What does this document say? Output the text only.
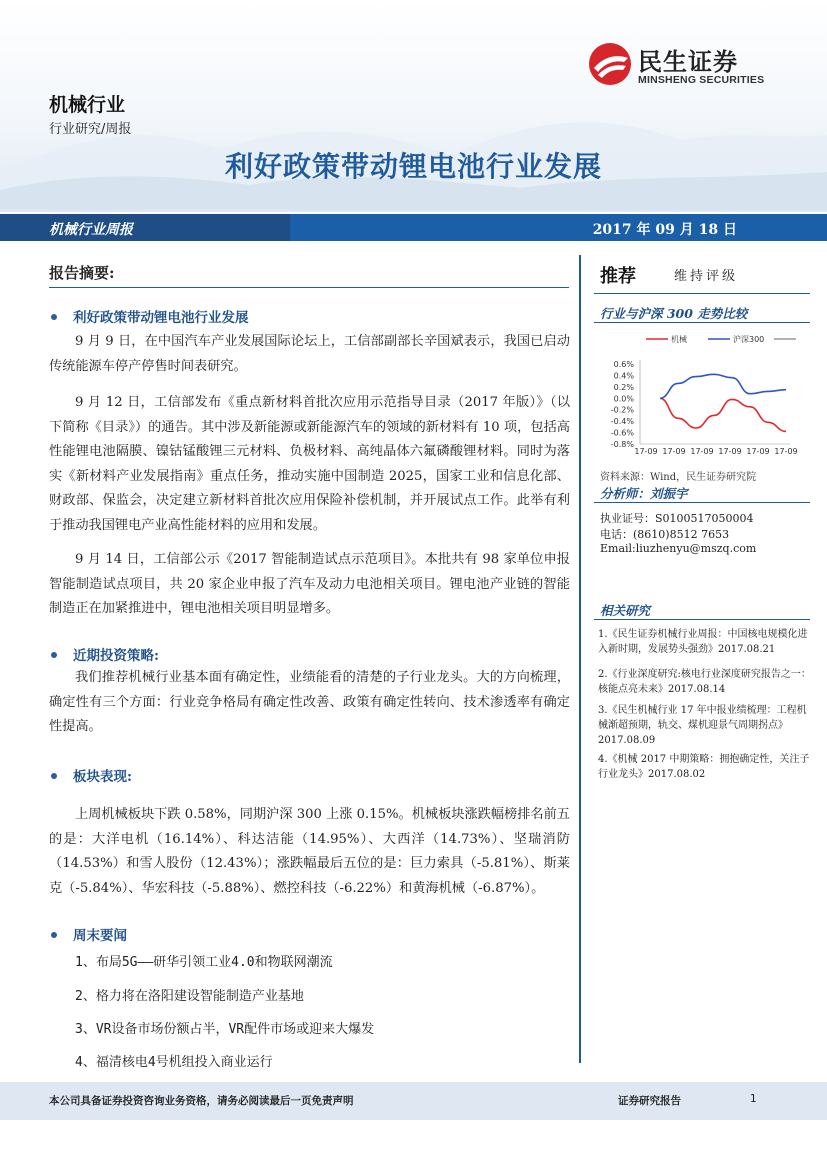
民生证券
MINSHENG SECURITIES
机械行业
行业研究/周报
利好政策带动锂电池行业发展
机械行业周报	2017 年 09 月 18 日
报告摘要:
利好政策带动锂电池行业发展
9 月 9 日，在中国汽车产业发展国际论坛上，工信部副部长辛国斌表示，我国已启动传统能源车停产停售时间表研究。
9 月 12 日，工信部发布《重点新材料首批次应用示范指导目录（2017 年版）》（以下简称《目录》）的通告。其中涉及新能源或新能源汽车的领域的新材料有 10 项，包括高性能锂电池隔膜、镍钴锰酸锂三元材料、负极材料、高纯晶体六氟磷酸锂材料。同时为落实《新材料产业发展指南》重点任务，推动实施中国制造 2025，国家工业和信息化部、财政部、保监会，决定建立新材料首批次应用保险补偿机制，并开展试点工作。此举有利于推动我国锂电产业高性能材料的应用和发展。
9 月 14 日，工信部公示《2017 智能制造试点示范项目》。本批共有 98 家单位申报智能制造试点项目，共 20 家企业申报了汽车及动力电池相关项目。锂电池产业链的智能制造正在加紧推进中，锂电池相关项目明显增多。
近期投资策略:
我们推荐机械行业基本面有确定性，业绩能看的清楚的子行业龙头。大的方向梳理，确定性有三个方面：行业竞争格局有确定性改善、政策有确定性转向、技术渗透率有确定性提高。
板块表现:
上周机械板块下跌 0.58%，同期沪深 300 上涨 0.15%。机械板块涨跌幅榜排名前五的是：大洋电机（16.14%）、科达洁能（14.95%）、大西洋（14.73%）、坚瑞消防（14.53%）和雪人股份（12.43%）；涨跌幅最后五位的是：巨力索具（-5.81%）、斯莱克（-5.84%）、华宏科技（-5.88%）、燃控科技（-6.22%）和黄海机械（-6.87%）。
周末要闻
1、布局5G——研华引领工业4.0和物联网潮流
2、格力将在洛阳建设智能制造产业基地
3、VR设备市场份额占半，VR配件市场或迎来大爆发
4、福清核电4号机组投入商业运行
推荐	维持评级
行业与沪深 300 走势比较
机械	沪深300
0.6%
0.4%
0.2%
0.0%
-0.2%
-0.4%
-0.6%
-0.8%
17-09 17-09 17-09 17-09 17-09 17-09
资料来源：Wind，民生证券研究院
分析师：刘振宇
执业证号：S0100517050004
电话：(8610)8512 7653
Email:liuzhenyu@mszq.com
相关研究
1.《民生证券机械行业周报：中国核电规模化进入新时期，发展势头强劲》2017.08.21
2.《行业深度研究:核电行业深度研究报告之一：核能点亮未来》2017.08.14
3.《民生机械行业 17 年中报业绩梳理：工程机械渐超预期，轨交、煤机迎景气周期拐点》2017.08.09
4.《机械 2017 中期策略：拥抱确定性，关注子行业龙头》2017.08.02
本公司具备证券投资咨询业务资格，请务必阅读最后一页免责声明	证券研究报告	1
